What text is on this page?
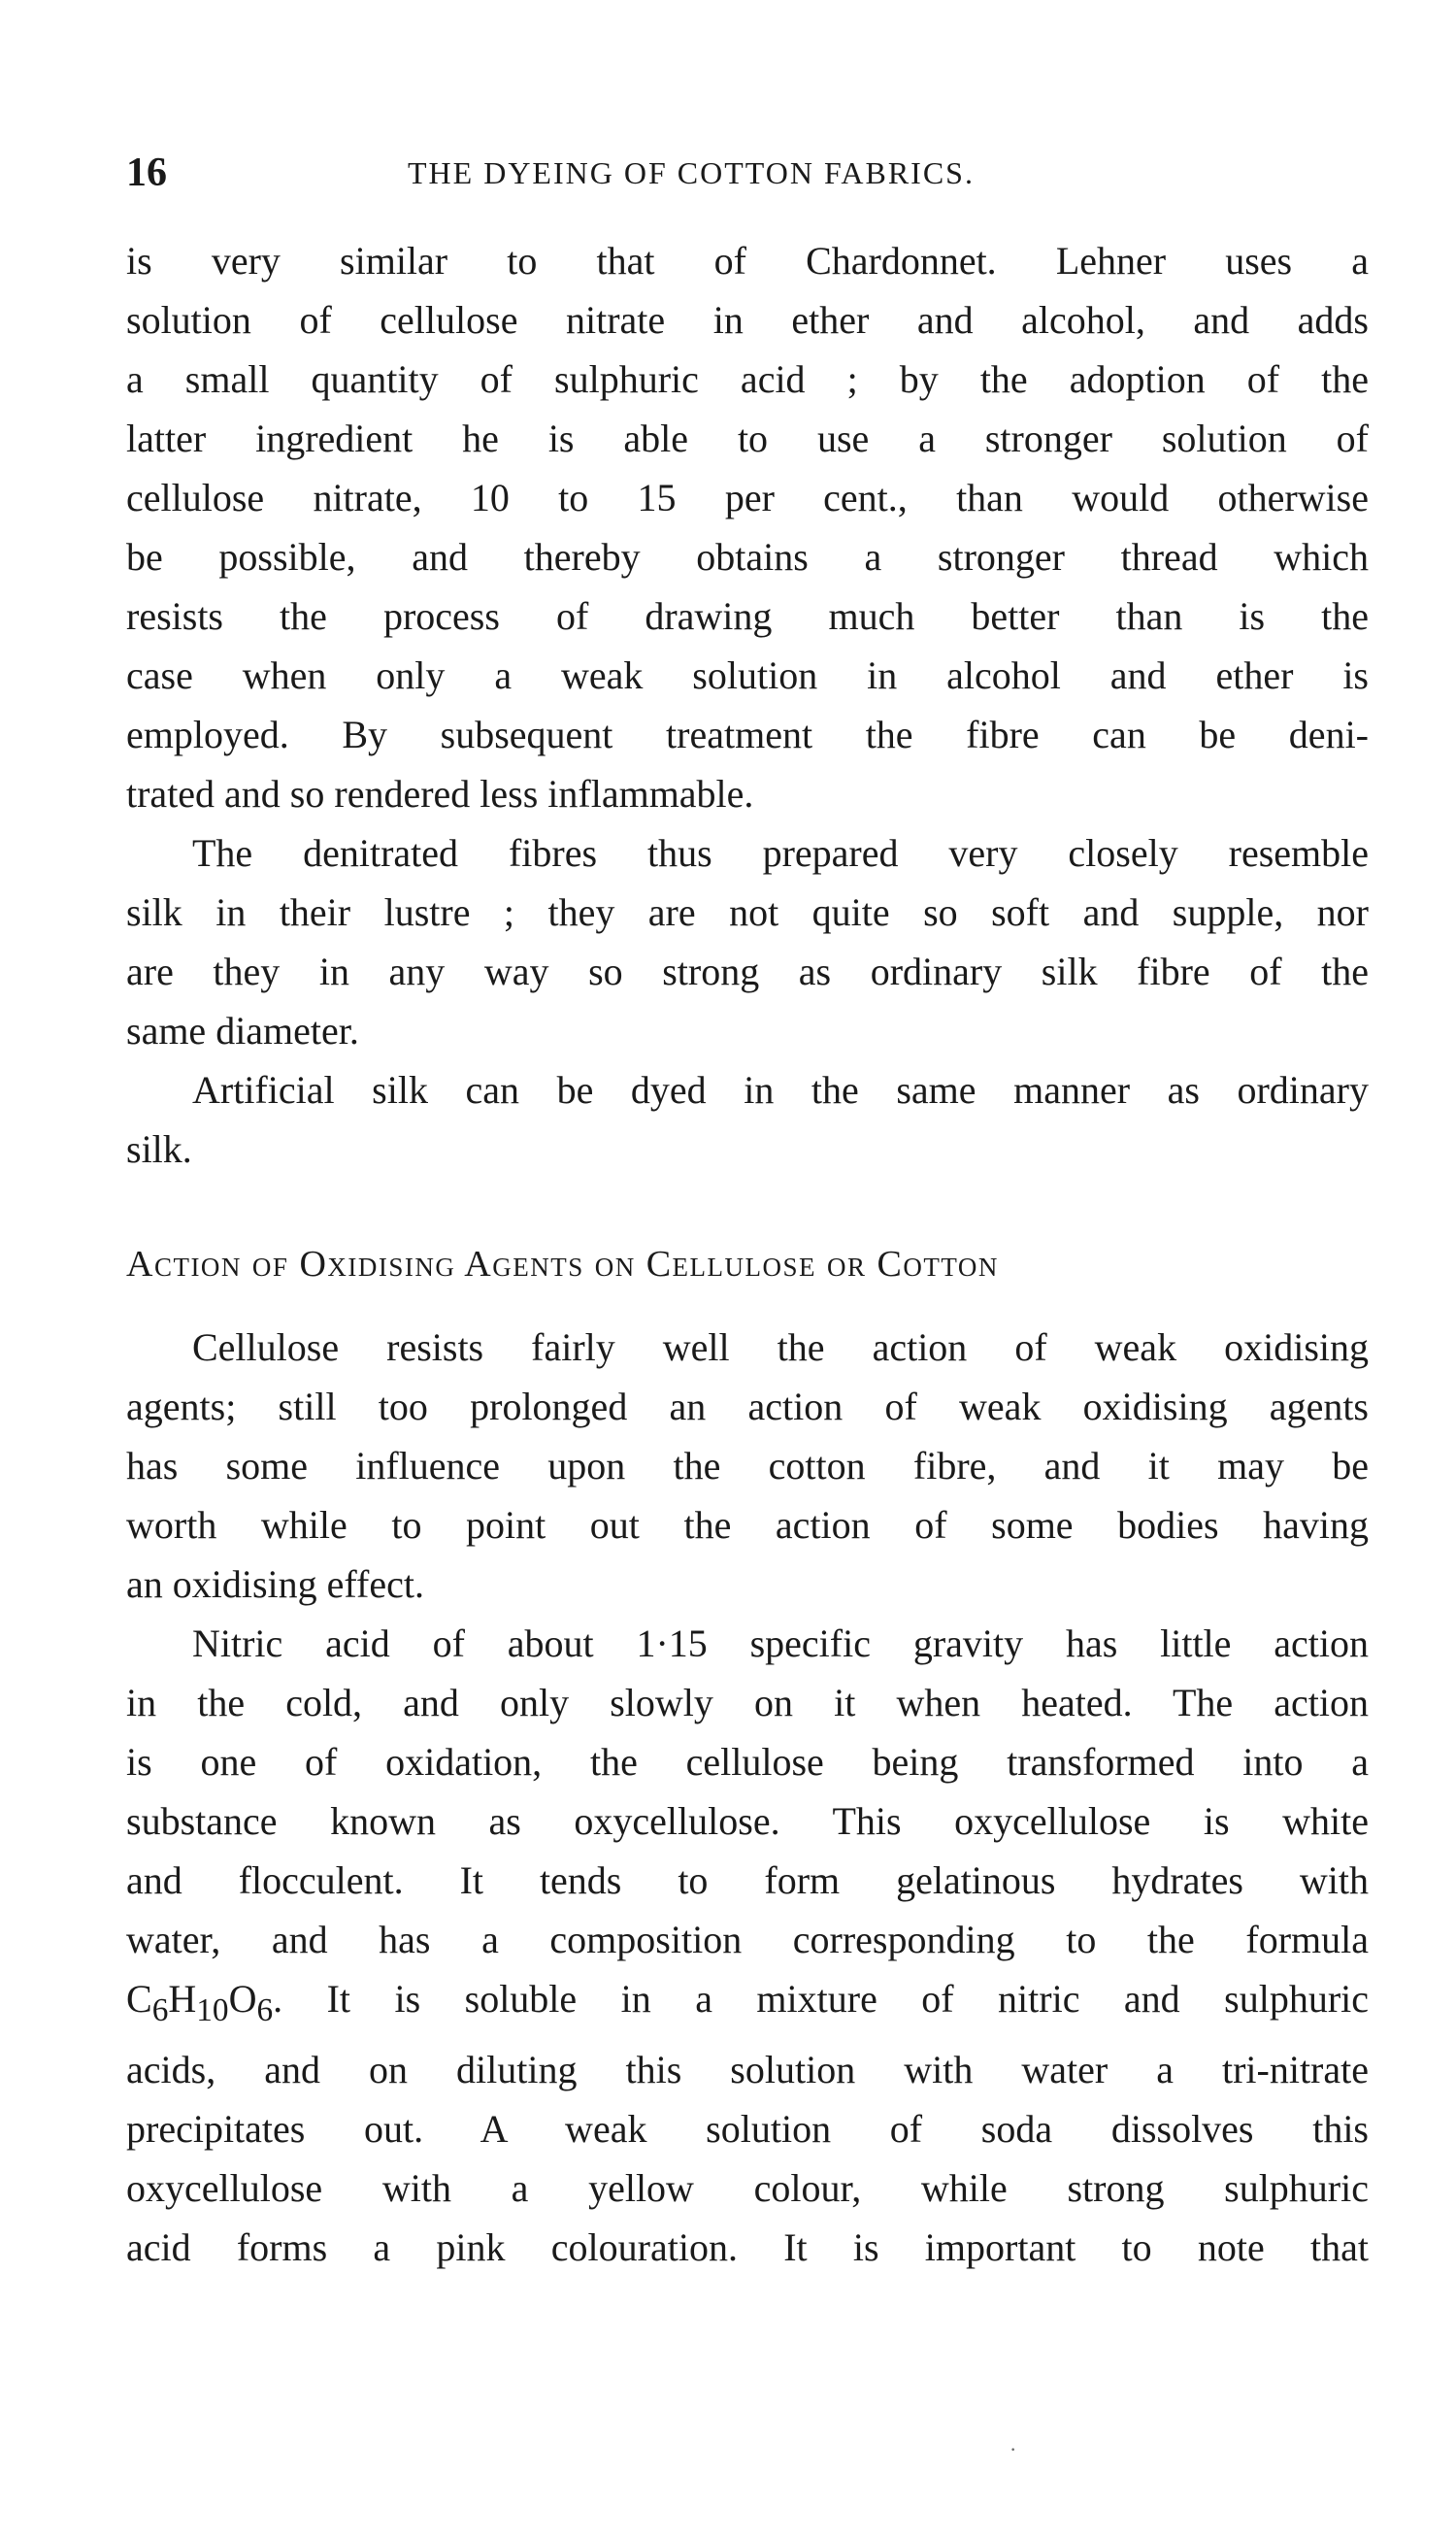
16	THE DYEING OF COTTON FABRICS.

is very similar to that of Chardonnet. Lehner uses a
solution of cellulose nitrate in ether and alcohol, and adds
a small quantity of sulphuric acid ; by the adoption of the
latter ingredient he is able to use a stronger solution of
cellulose nitrate, 10 to 15 per cent., than would otherwise
be possible, and thereby obtains a stronger thread which
resists the process of drawing much better than is the
case when only a weak solution in alcohol and ether is
employed. By subsequent treatment the fibre can be deni-
trated and so rendered less inflammable.

The denitrated fibres thus prepared very closely resemble
silk in their lustre ; they are not quite so soft and supple, nor
are they in any way so strong as ordinary silk fibre of the
same diameter.

Artificial silk can be dyed in the same manner as ordinary
silk.

Action of Oxidising Agents on Cellulose or Cotton

Cellulose resists fairly well the action of weak oxidising
agents; still too prolonged an action of weak oxidising agents
has some influence upon the cotton fibre, and it may be
worth while to point out the action of some bodies having
an oxidising effect.

Nitric acid of about 1·15 specific gravity has little action
in the cold, and only slowly on it when heated. The action
is one of oxidation, the cellulose being transformed into a
substance known as oxycellulose. This oxycellulose is white
and flocculent. It tends to form gelatinous hydrates with
water, and has a composition corresponding to the formula
$C_6H_{10}O_6$. It is soluble in a mixture of nitric and sulphuric
acids, and on diluting this solution with water a tri-nitrate
precipitates out. A weak solution of soda dissolves this
oxycellulose with a yellow colour, while strong sulphuric
acid forms a pink colouration. It is important to note that

·
